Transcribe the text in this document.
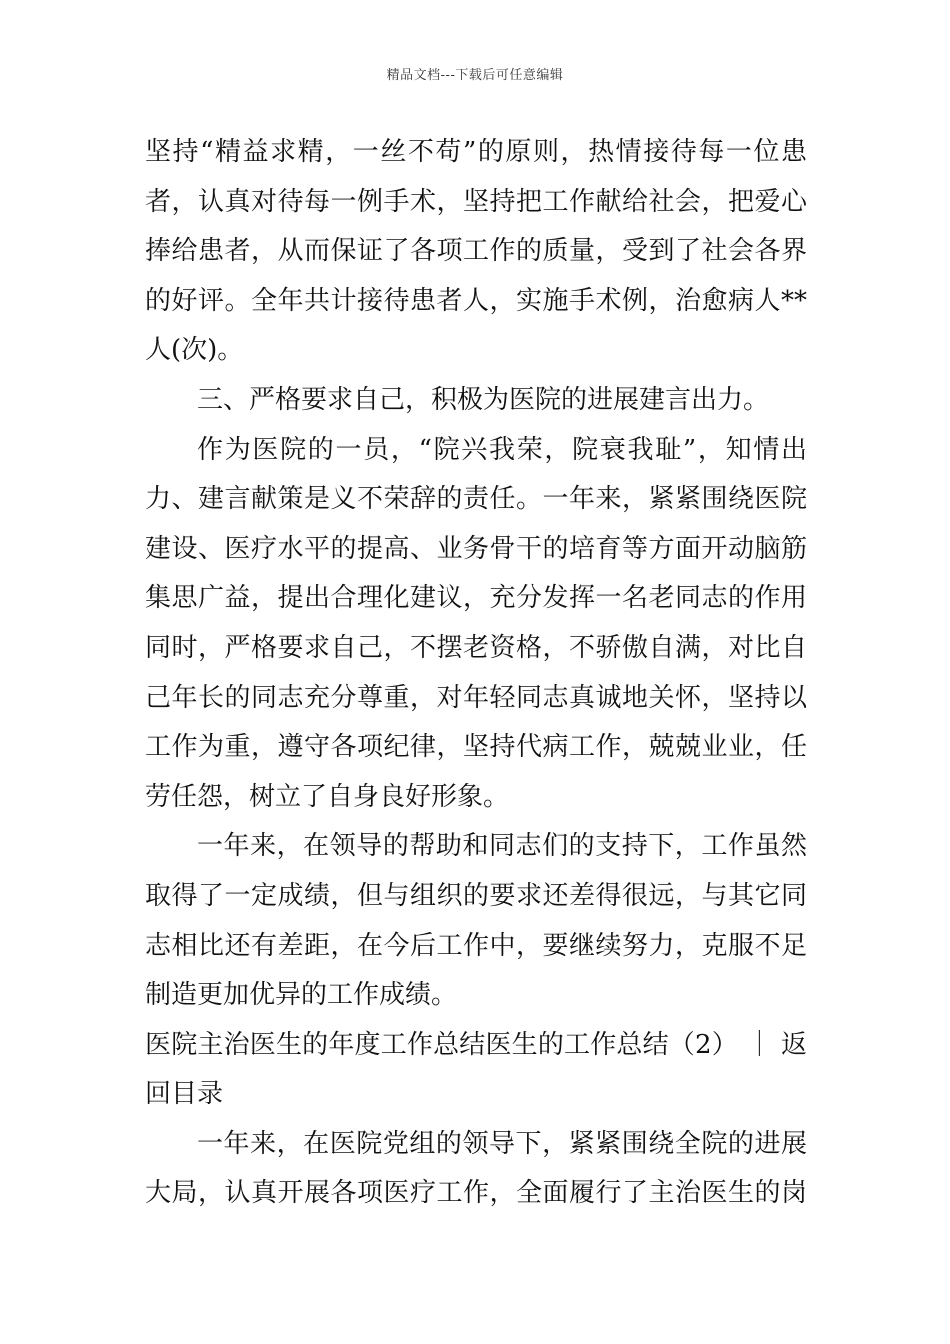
精品文档---下载后可任意编辑
坚持“精益求精，一丝不苟”的原则，热情接待每一位患
者，认真对待每一例手术，坚持把工作献给社会，把爱心
捧给患者，从而保证了各项工作的质量，受到了社会各界
的好评。全年共计接待患者人，实施手术例，治愈病人**
人(次)。
三、严格要求自己，积极为医院的进展建言出力。
作为医院的一员，“院兴我荣，院衰我耻”，知情出
力、建言献策是义不荣辞的责任。一年来，紧紧围绕医院
建设、医疗水平的提高、业务骨干的培育等方面开动脑筋
集思广益，提出合理化建议，充分发挥一名老同志的作用
同时，严格要求自己，不摆老资格，不骄傲自满，对比自
己年长的同志充分尊重，对年轻同志真诚地关怀，坚持以
工作为重，遵守各项纪律，坚持代病工作，兢兢业业，任
劳任怨，树立了自身良好形象。
一年来，在领导的帮助和同志们的支持下，工作虽然
取得了一定成绩，但与组织的要求还差得很远，与其它同
志相比还有差距，在今后工作中，要继续努力，克服不足
制造更加优异的工作成绩。
医院主治医生的年度工作总结医生的工作总结（2） ｜ 返
回目录
一年来，在医院党组的领导下，紧紧围绕全院的进展
大局，认真开展各项医疗工作，全面履行了主治医生的岗
